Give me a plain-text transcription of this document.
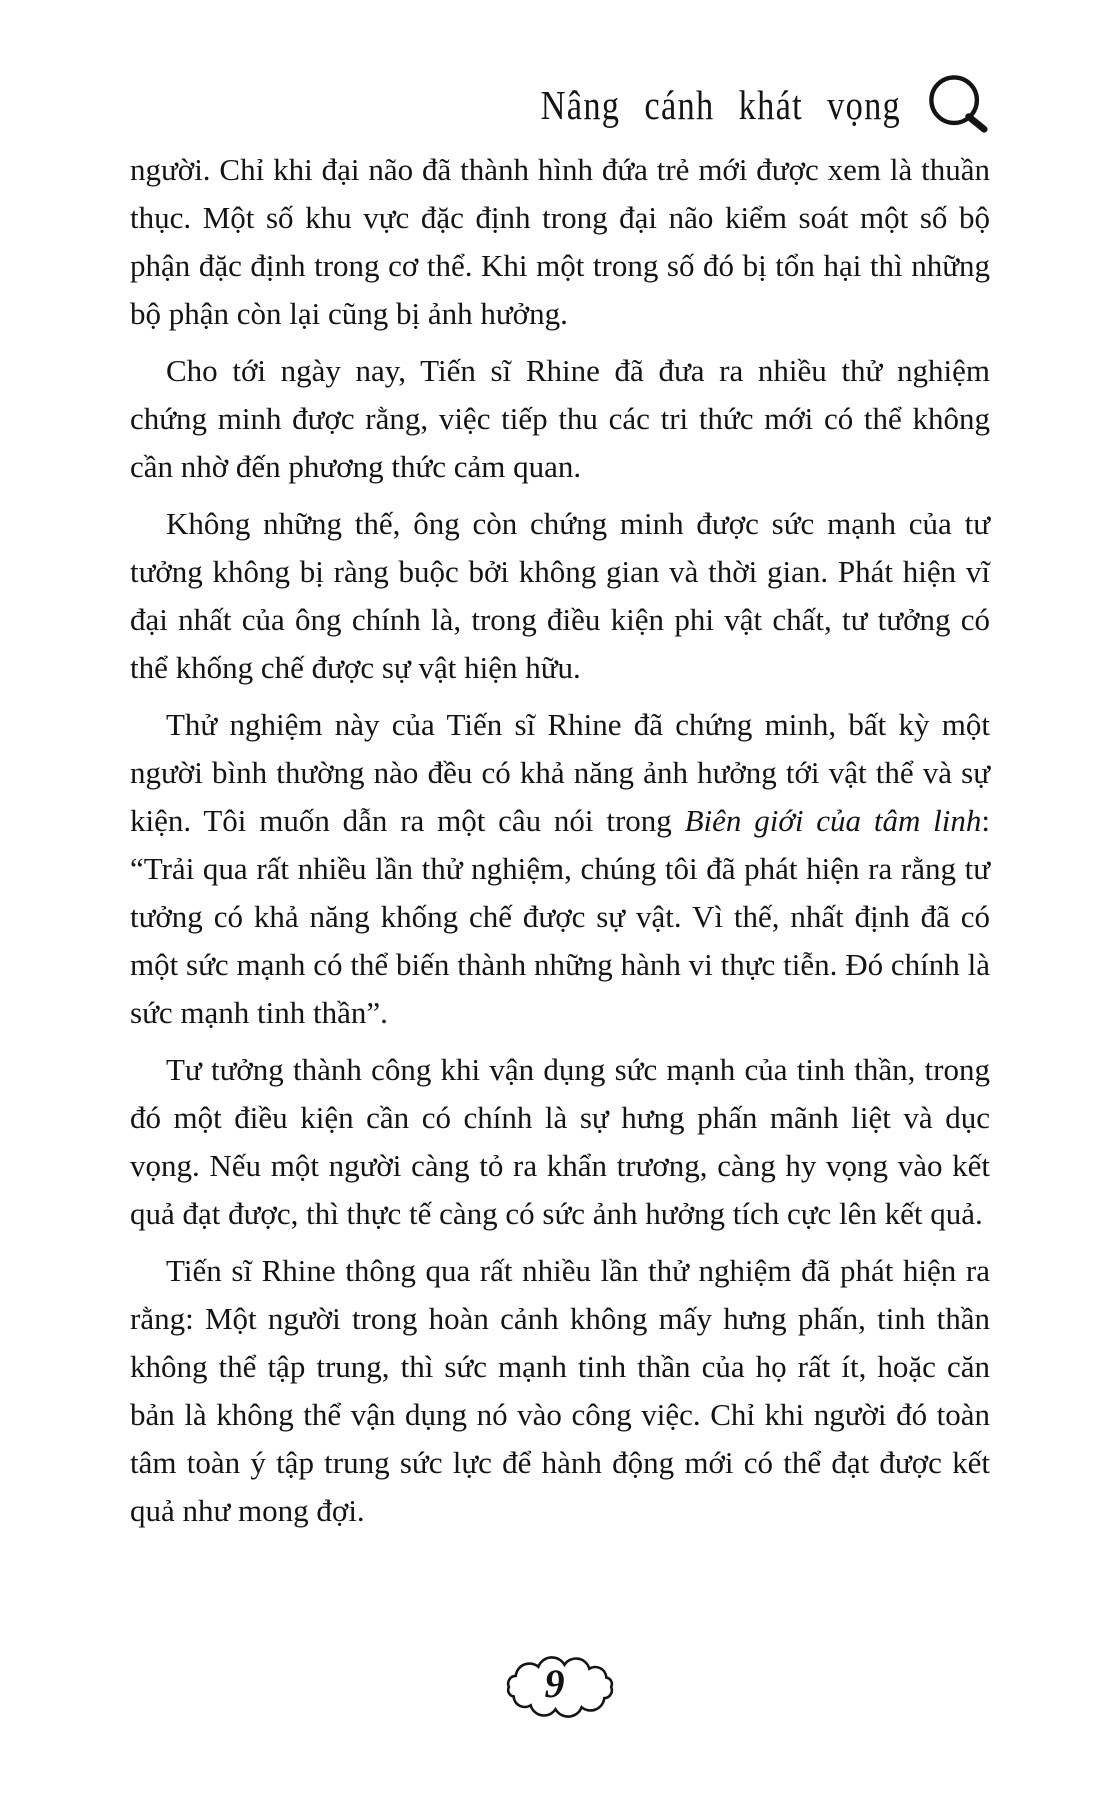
Nâng cánh khát vọng

người. Chỉ khi đại não đã thành hình đứa trẻ mới được xem là thuần thục. Một số khu vực đặc định trong đại não kiểm soát một số bộ phận đặc định trong cơ thể. Khi một trong số đó bị tổn hại thì những bộ phận còn lại cũng bị ảnh hưởng.

Cho tới ngày nay, Tiến sĩ Rhine đã đưa ra nhiều thử nghiệm chứng minh được rằng, việc tiếp thu các tri thức mới có thể không cần nhờ đến phương thức cảm quan.

Không những thế, ông còn chứng minh được sức mạnh của tư tưởng không bị ràng buộc bởi không gian và thời gian. Phát hiện vĩ đại nhất của ông chính là, trong điều kiện phi vật chất, tư tưởng có thể khống chế được sự vật hiện hữu.

Thử nghiệm này của Tiến sĩ Rhine đã chứng minh, bất kỳ một người bình thường nào đều có khả năng ảnh hưởng tới vật thể và sự kiện. Tôi muốn dẫn ra một câu nói trong Biên giới của tâm linh: “Trải qua rất nhiều lần thử nghiệm, chúng tôi đã phát hiện ra rằng tư tưởng có khả năng khống chế được sự vật. Vì thế, nhất định đã có một sức mạnh có thể biến thành những hành vi thực tiễn. Đó chính là sức mạnh tinh thần”.

Tư tưởng thành công khi vận dụng sức mạnh của tinh thần, trong đó một điều kiện cần có chính là sự hưng phấn mãnh liệt và dục vọng. Nếu một người càng tỏ ra khẩn trương, càng hy vọng vào kết quả đạt được, thì thực tế càng có sức ảnh hưởng tích cực lên kết quả.

Tiến sĩ Rhine thông qua rất nhiều lần thử nghiệm đã phát hiện ra rằng: Một người trong hoàn cảnh không mấy hưng phấn, tinh thần không thể tập trung, thì sức mạnh tinh thần của họ rất ít, hoặc căn bản là không thể vận dụng nó vào công việc. Chỉ khi người đó toàn tâm toàn ý tập trung sức lực để hành động mới có thể đạt được kết quả như mong đợi.

9
